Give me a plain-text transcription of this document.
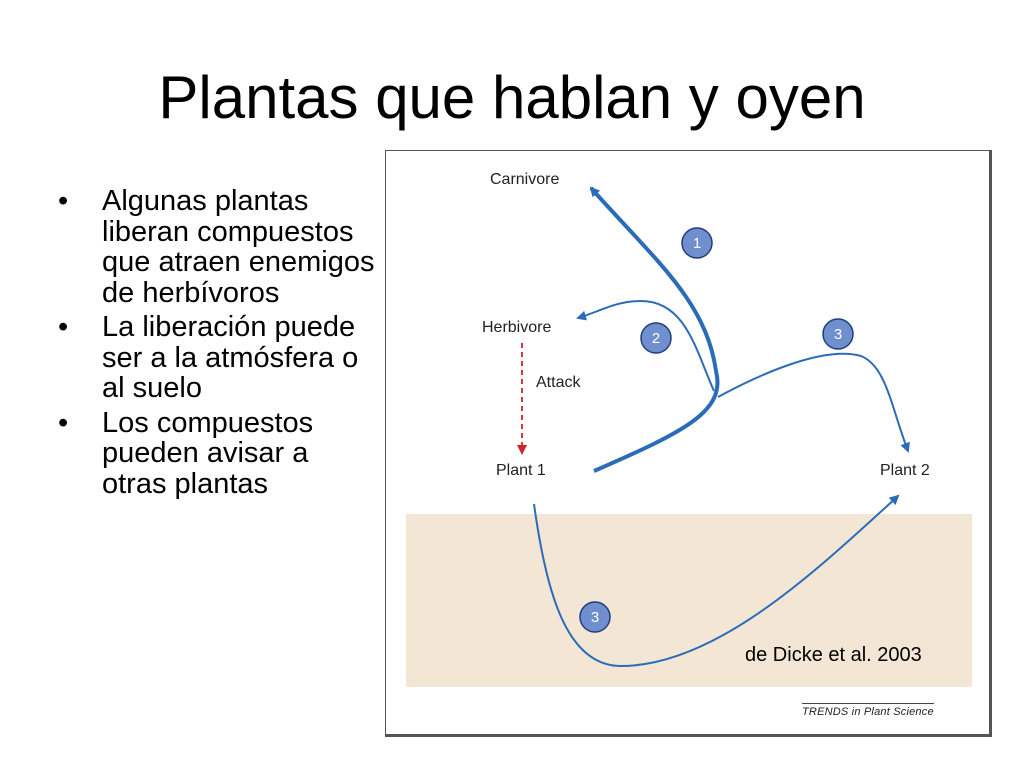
Plantas que hablan y oyen
• Algunas plantas liberan compuestos que atraen enemigos de herbívoros
• La liberación puede ser a la atmósfera o al suelo
• Los compuestos pueden avisar a otras plantas
Carnivore
Herbivore
Attack
Plant 1	Plant 2
1
2	3
3
de Dicke et al. 2003
TRENDS in Plant Science
